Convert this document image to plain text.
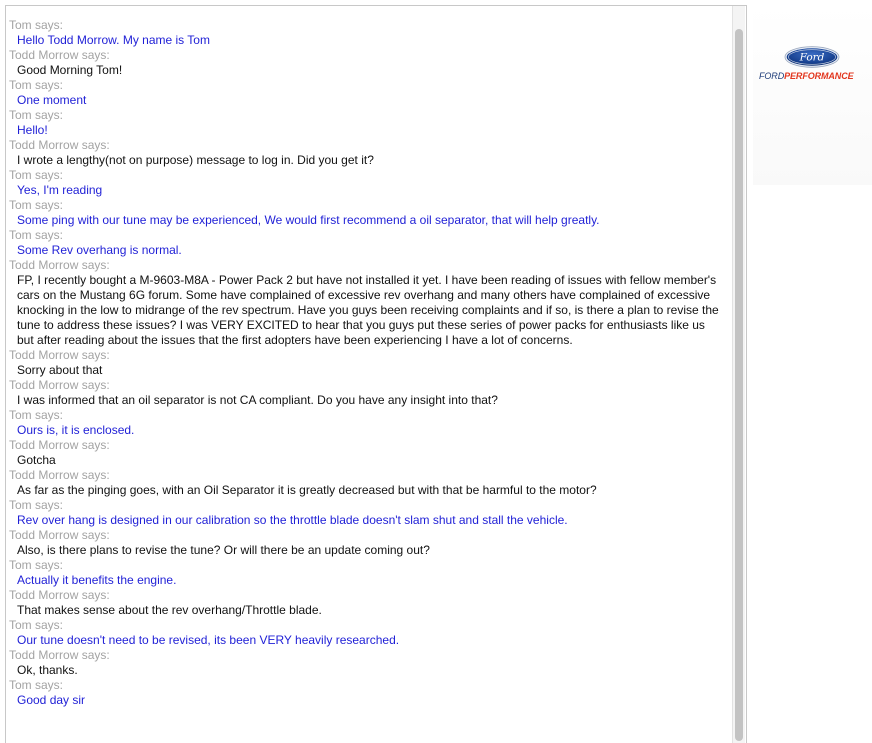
Tom says:
Hello Todd Morrow. My name is Tom
Todd Morrow says:
Good Morning Tom!
Tom says:
One moment
Tom says:
Hello!
Todd Morrow says:
I wrote a lengthy(not on purpose) message to log in. Did you get it?
Tom says:
Yes, I'm reading
Tom says:
Some ping with our tune may be experienced, We would first recommend a oil separator, that will help greatly.
Tom says:
Some Rev overhang is normal.
Todd Morrow says:
FP, I recently bought a M-9603-M8A - Power Pack 2 but have not installed it yet. I have been reading of issues with fellow member's cars on the Mustang 6G forum. Some have complained of excessive rev overhang and many others have complained of excessive knocking in the low to midrange of the rev spectrum. Have you guys been receiving complaints and if so, is there a plan to revise the tune to address these issues? I was VERY EXCITED to hear that you guys put these series of power packs for enthusiasts like us but after reading about the issues that the first adopters have been experiencing I have a lot of concerns.
Todd Morrow says:
Sorry about that
Todd Morrow says:
I was informed that an oil separator is not CA compliant. Do you have any insight into that?
Tom says:
Ours is, it is enclosed.
Todd Morrow says:
Gotcha
Todd Morrow says:
As far as the pinging goes, with an Oil Separator it is greatly decreased but with that be harmful to the motor?
Tom says:
Rev over hang is designed in our calibration so the throttle blade doesn't slam shut and stall the vehicle.
Todd Morrow says:
Also, is there plans to revise the tune? Or will there be an update coming out?
Tom says:
Actually it benefits the engine.
Todd Morrow says:
That makes sense about the rev overhang/Throttle blade.
Tom says:
Our tune doesn't need to be revised, its been VERY heavily researched.
Todd Morrow says:
Ok, thanks.
Tom says:
Good day sir
Ford
FORDPERFORMANCE
